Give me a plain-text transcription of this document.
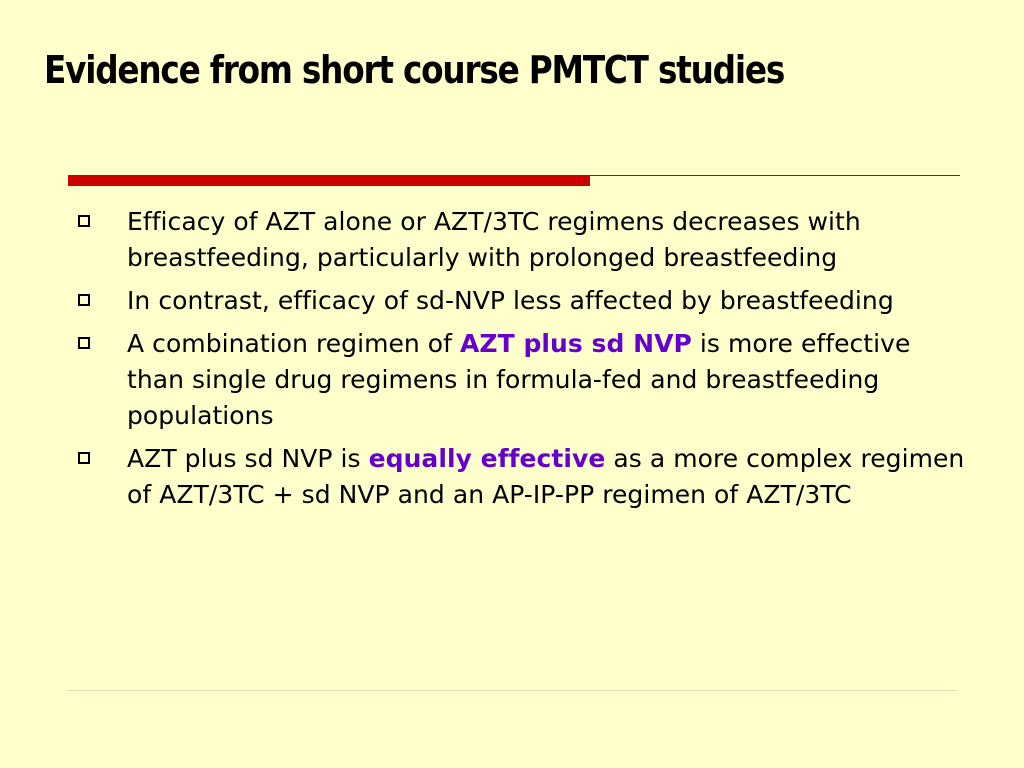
Evidence from short course PMTCT studies
Efficacy of AZT alone or AZT/3TC regimens decreases with breastfeeding, particularly with prolonged breastfeeding
In contrast, efficacy of sd-NVP less affected by breastfeeding
A combination regimen of AZT plus sd NVP is more effective than single drug regimens in formula-fed and breastfeeding populations
AZT plus sd NVP is equally effective as a more complex regimen of AZT/3TC + sd NVP and an AP-IP-PP regimen of AZT/3TC
